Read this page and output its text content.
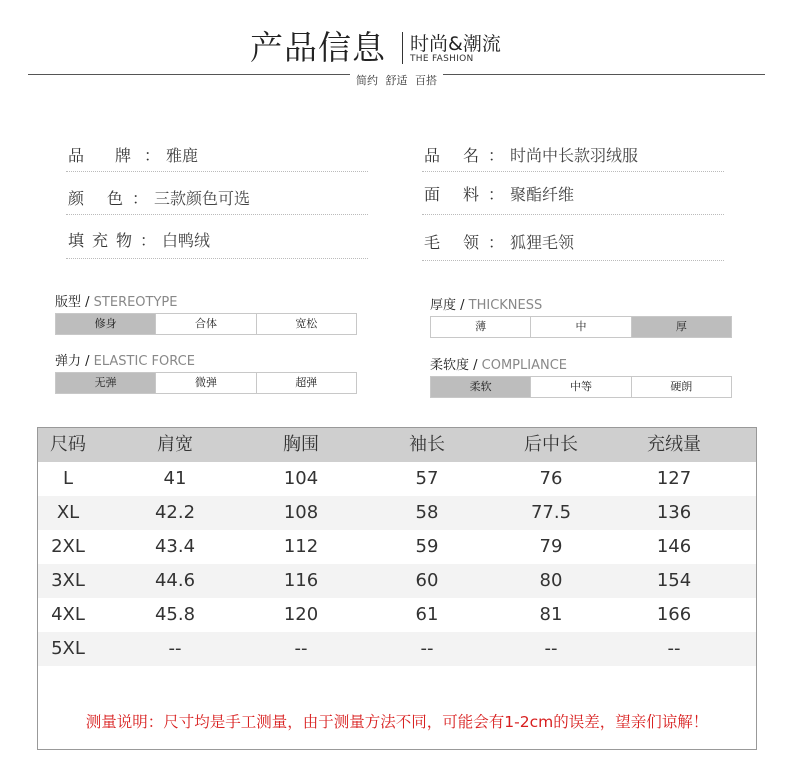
产品信息 时尚&潮流
THE FASHION
简约 舒适 百搭
品 牌： 雅鹿	品 名： 时尚中长款羽绒服
颜 色： 三款颜色可选	面 料： 聚酯纤维
填充物： 白鸭绒	毛 领： 狐狸毛领
版型 / STEREOTYPE
修身	合体	宽松
厚度 / THICKNESS
薄	中	厚
弹力 / ELASTIC FORCE
无弹	微弹	超弹
柔软度 / COMPLIANCE
柔软	中等	硬朗
尺码	肩宽	胸围	袖长	后中长	充绒量
L	41	104	57	76	127
XL	42.2	108	58	77.5	136
2XL	43.4	112	59	79	146
3XL	44.6	116	60	80	154
4XL	45.8	120	61	81	166
5XL	--	--	--	--	--
测量说明：尺寸均是手工测量，由于测量方法不同，可能会有1-2cm的误差，望亲们谅解！
